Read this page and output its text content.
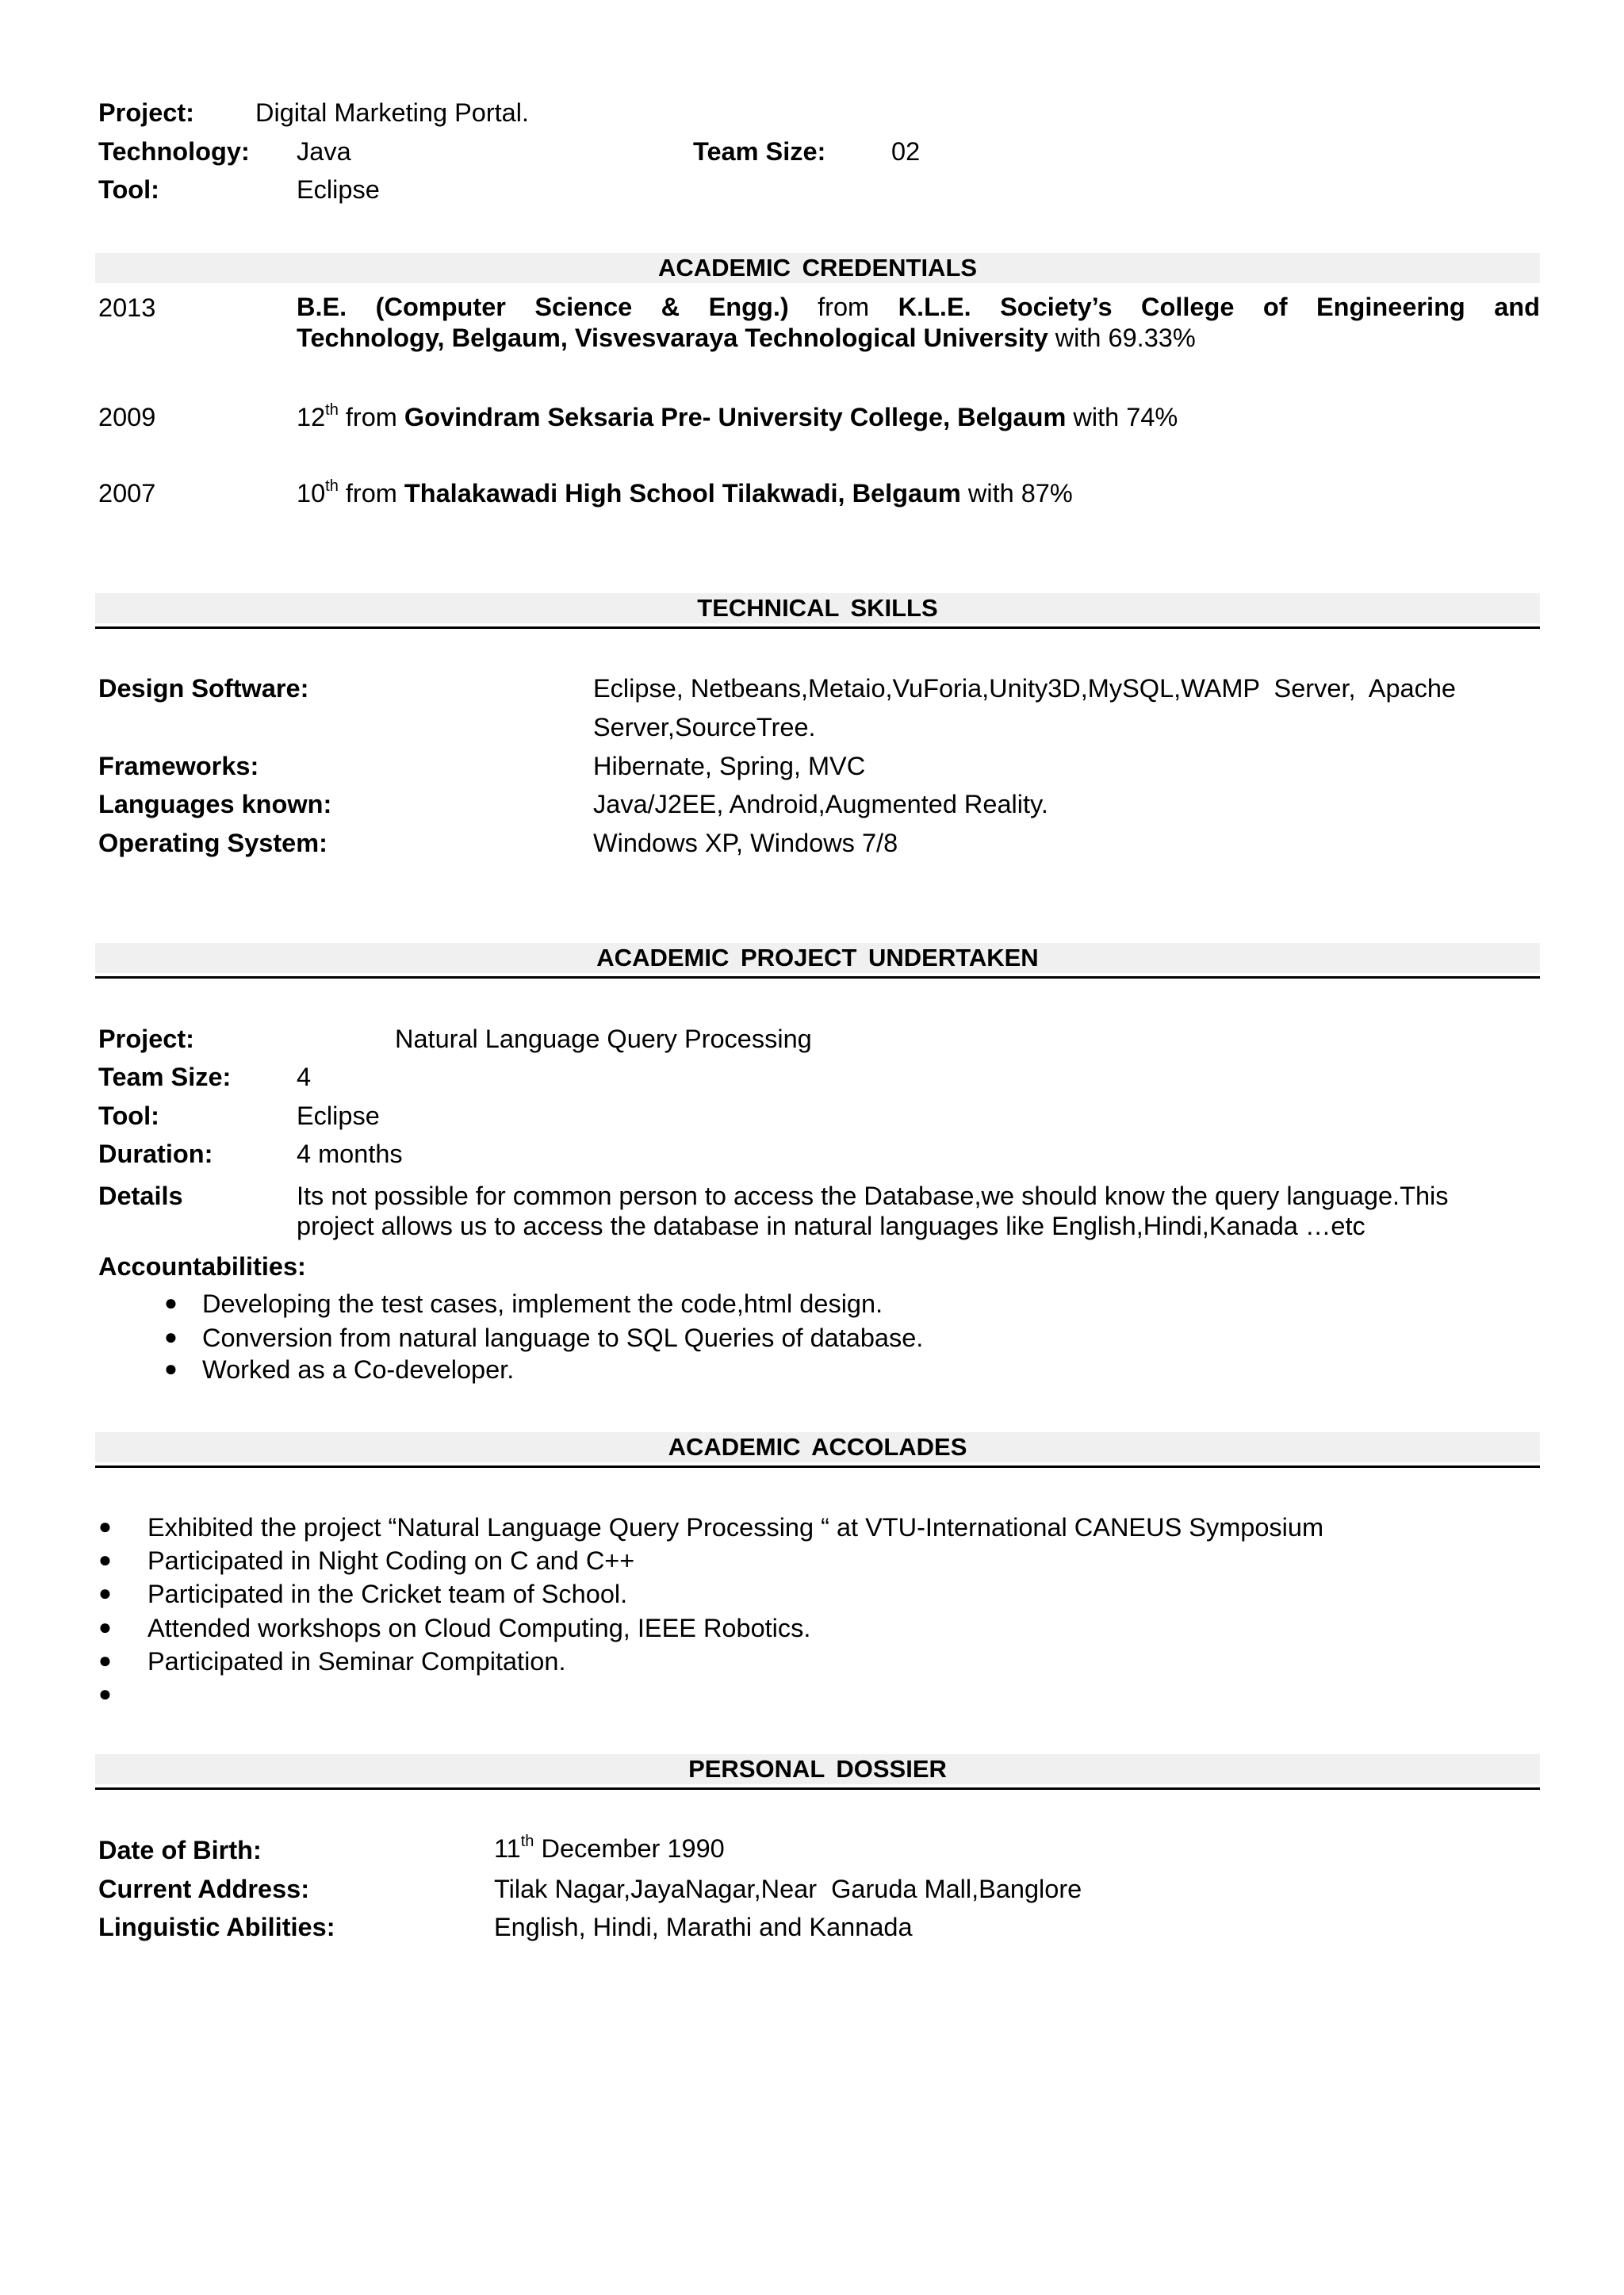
Project: Digital Marketing Portal.
Technology: Java	Team Size:	02
Tool:	Eclipse
ACADEMIC CREDENTIALS
2013	B.E. (Computer Science & Engg.) from K.L.E. Society’s College of Engineering and
Technology, Belgaum, Visvesvaraya Technological University with 69.33%
2009	12th from Govindram Seksaria Pre- University College, Belgaum with 74%
2007	10th from Thalakawadi High School Tilakwadi, Belgaum with 87%
TECHNICAL SKILLS
Design Software:	Eclipse, Netbeans,Metaio,VuForia,Unity3D,MySQL,WAMP  Server,  Apache
Server,SourceTree.
Frameworks:	Hibernate, Spring, MVC
Languages known:	Java/J2EE, Android,Augmented Reality.
Operating System:	Windows XP, Windows 7/8
ACADEMIC PROJECT UNDERTAKEN
Project:	Natural Language Query Processing
Team Size:	4
Tool:	Eclipse
Duration:	4 months
Details	Its not possible for common person to access the Database,we should know the query language.This
project allows us to access the database in natural languages like English,Hindi,Kanada …etc
Accountabilities:
● Developing the test cases, implement the code,html design.
● Conversion from natural language to SQL Queries of database.
● Worked as a Co-developer.
ACADEMIC ACCOLADES
● Exhibited the project “Natural Language Query Processing “ at VTU-International CANEUS Symposium
● Participated in Night Coding on C and C++
● Participated in the Cricket team of School.
● Attended workshops on Cloud Computing, IEEE Robotics.
● Participated in Seminar Compitation.
●
PERSONAL DOSSIER
Date of Birth:	11th December 1990
Current Address:	Tilak Nagar,JayaNagar,Near  Garuda Mall,Banglore
Linguistic Abilities:	English, Hindi, Marathi and Kannada
